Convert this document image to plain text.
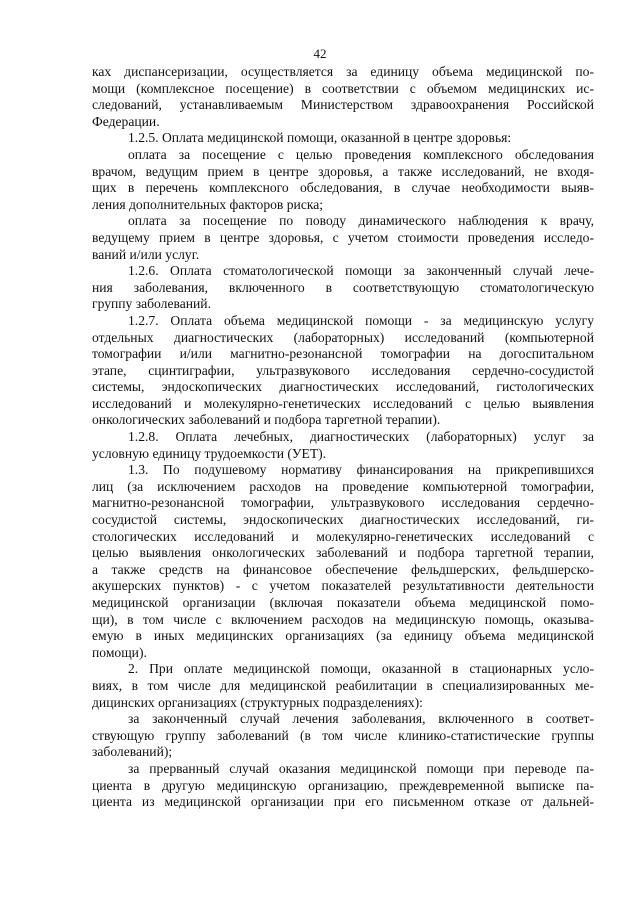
42
ках диспансеризации, осуществляется за единицу объема медицинской по-
мощи (комплексное посещение) в соответствии с объемом медицинских ис-
следований, устанавливаемым Министерством здравоохранения Российской
Федерации.
1.2.5. Оплата медицинской помощи, оказанной в центре здоровья:
оплата за посещение с целью проведения комплексного обследования
врачом, ведущим прием в центре здоровья, а также исследований, не входя-
щих в перечень комплексного обследования, в случае необходимости выяв-
ления дополнительных факторов риска;
оплата за посещение по поводу динамического наблюдения к врачу,
ведущему прием в центре здоровья, с учетом стоимости проведения исследо-
ваний и/или услуг.
1.2.6. Оплата стоматологической помощи за законченный случай лече-
ния заболевания, включенного в соответствующую стоматологическую
группу заболеваний.
1.2.7. Оплата объема медицинской помощи - за медицинскую услугу
отдельных диагностических (лабораторных) исследований (компьютерной
томографии и/или магнитно-резонансной томографии на догоспитальном
этапе, сцинтиграфии, ультразвукового исследования сердечно-сосудистой
системы, эндоскопических диагностических исследований, гистологических
исследований и молекулярно-генетических исследований с целью выявления
онкологических заболеваний и подбора таргетной терапии).
1.2.8. Оплата лечебных, диагностических (лабораторных) услуг за
условную единицу трудоемкости (УЕТ).
1.3. По подушевому нормативу финансирования на прикрепившихся
лиц (за исключением расходов на проведение компьютерной томографии,
магнитно-резонансной томографии, ультразвукового исследования сердечно-
сосудистой системы, эндоскопических диагностических исследований, ги-
стологических исследований и молекулярно-генетических исследований с
целью выявления онкологических заболеваний и подбора таргетной терапии,
а также средств на финансовое обеспечение фельдшерских, фельдшерско-
акушерских пунктов) - с учетом показателей результативности деятельности
медицинской организации (включая показатели объема медицинской помо-
щи), в том числе с включением расходов на медицинскую помощь, оказыва-
емую в иных медицинских организациях (за единицу объема медицинской
помощи).
2. При оплате медицинской помощи, оказанной в стационарных усло-
виях, в том числе для медицинской реабилитации в специализированных ме-
дицинских организациях (структурных подразделениях):
за законченный случай лечения заболевания, включенного в соответ-
ствующую группу заболеваний (в том числе клинико-статистические группы
заболеваний);
за прерванный случай оказания медицинской помощи при переводе па-
циента в другую медицинскую организацию, преждевременной выписке па-
циента из медицинской организации при его письменном отказе от дальней-
